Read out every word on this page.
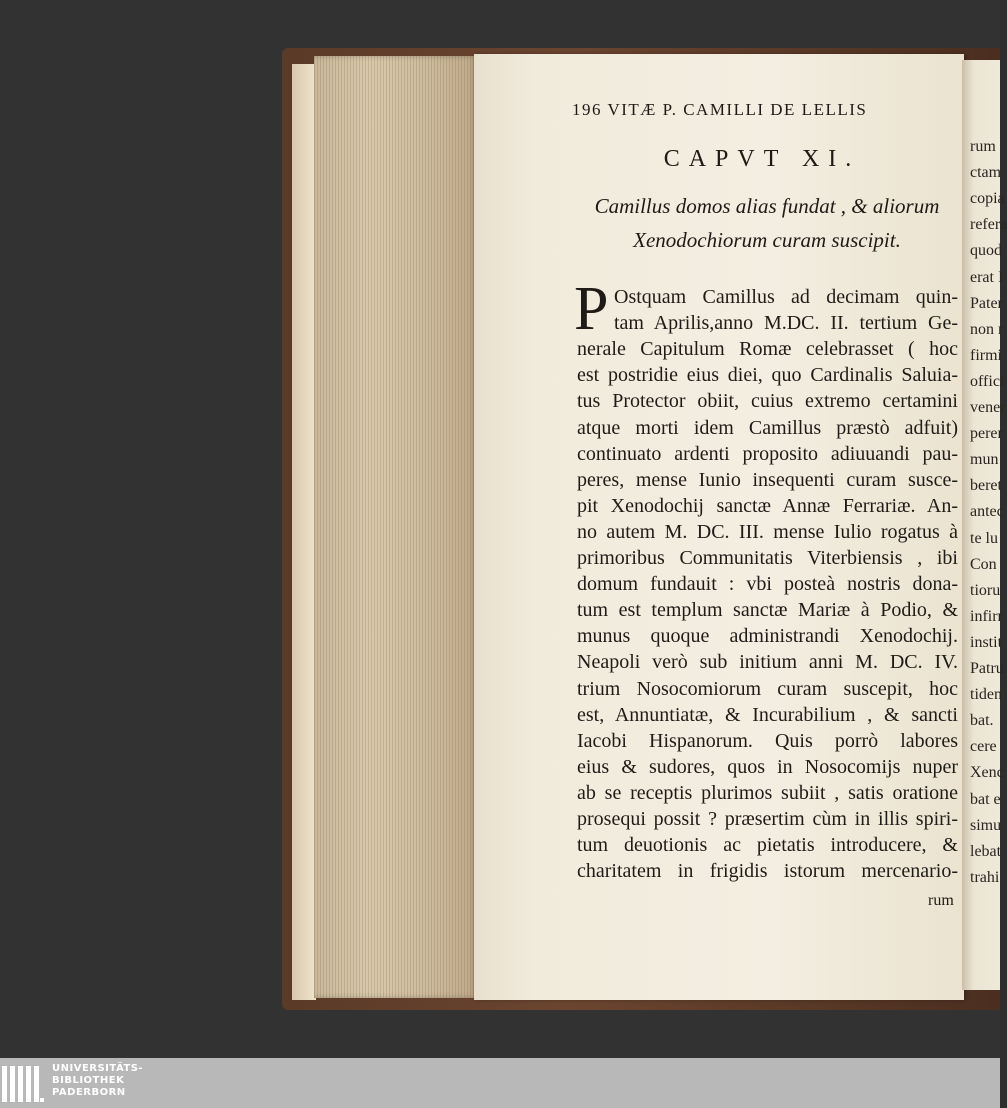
rum
ctam
copia
refera
quod
erat I
Pater
non r
firmi
offici
vener
perer
mun
beret
antec
te lu
Con
tioru
infirr
instit
Patru
tiden
bat.
cere
Xenc
bat e
simu
lebat
trahi
196 VITÆ P. CAMILLI DE LELLIS
CAPVT XI.
Camillus domos alias fundat , & aliorum
Xenodochiorum curam suscipit.
P Ostquam Camillus ad decimam quin-
tam Aprilis,anno M.DC. II. tertium Ge-
nerale Capitulum Romæ celebrasset ( hoc
est postridie eius diei, quo Cardinalis Saluia-
tus Protector obiit, cuius extremo certamini
atque morti idem Camillus præstò adfuit)
continuato ardenti proposito adiuuandi pau-
peres, mense Iunio insequenti curam susce-
pit Xenodochij sanctæ Annæ Ferrariæ. An-
no autem M. DC. III. mense Iulio rogatus à
primoribus Communitatis Viterbiensis , ibi
domum fundauit : vbi posteà nostris dona-
tum est templum sanctæ Mariæ à Podio, &
munus quoque administrandi Xenodochij.
Neapoli verò sub initium anni M. DC. IV.
trium Nosocomiorum curam suscepit, hoc
est, Annuntiatæ, & Incurabilium , & sancti
Iacobi Hispanorum. Quis porrò labores
eius & sudores, quos in Nosocomijs nuper
ab se receptis plurimos subiit , satis oratione
prosequi possit ? præsertim cùm in illis spiri-
tum deuotionis ac pietatis introducere, &
charitatem in frigidis istorum mercenario-
rum
UNIVERSITÄTS-
BIBLIOTHEK
PADERBORN
